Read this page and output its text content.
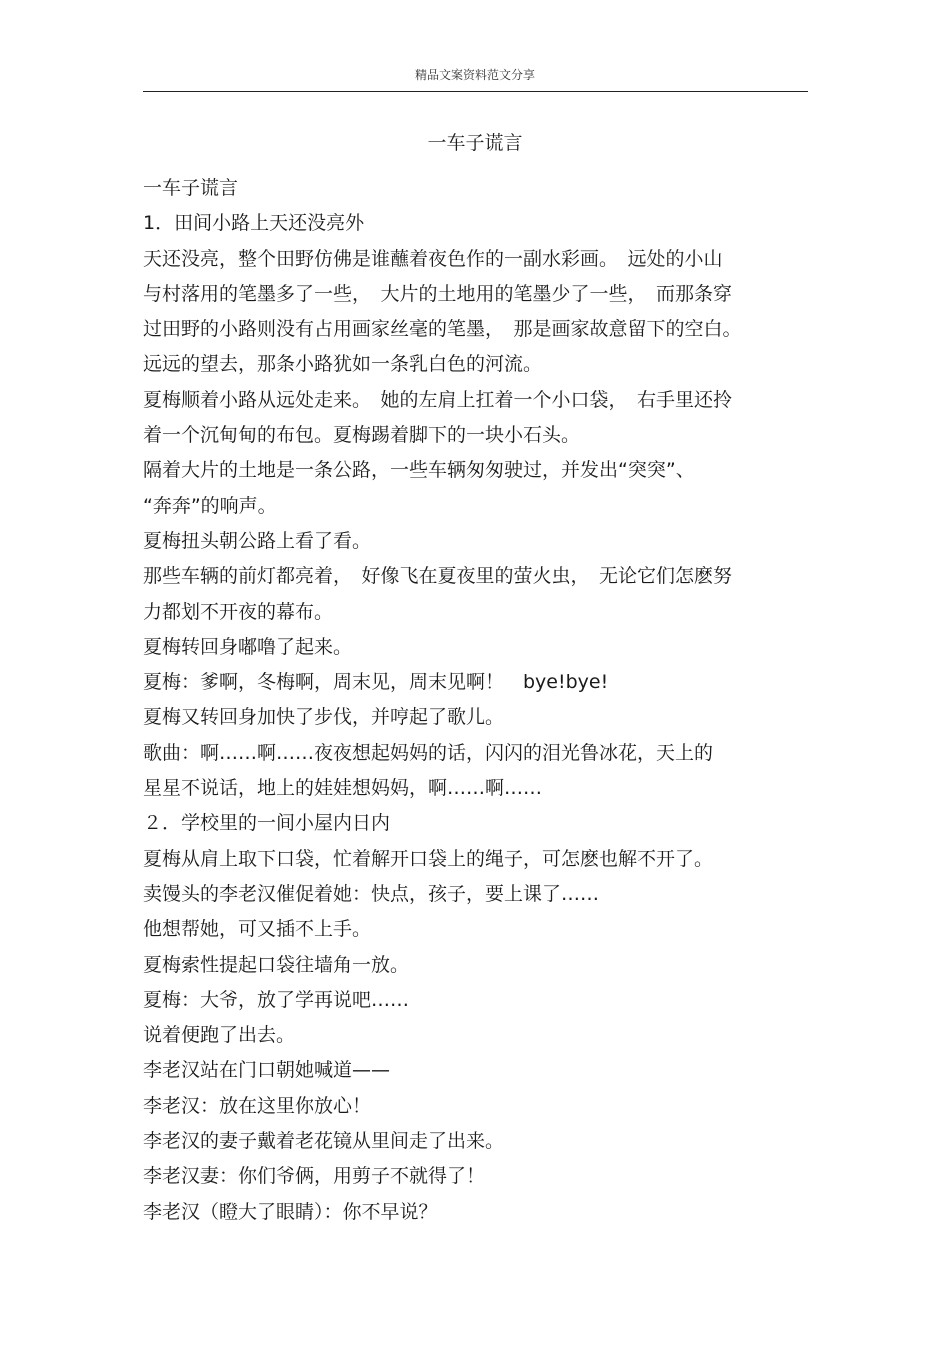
精品文案资料范文分享
一车子谎言
一车子谎言
1．田间小路上天还没亮外
天还没亮，整个田野仿佛是谁蘸着夜色作的一副水彩画。　远处的小山
与村落用的笔墨多了一些，　大片的土地用的笔墨少了一些，　而那条穿
过田野的小路则没有占用画家丝毫的笔墨，　那是画家故意留下的空白。
远远的望去，那条小路犹如一条乳白色的河流。
夏梅顺着小路从远处走来。　她的左肩上扛着一个小口袋，　右手里还拎
着一个沉甸甸的布包。夏梅踢着脚下的一块小石头。
隔着大片的土地是一条公路，一些车辆匆匆驶过，并发出“突突”、
“奔奔”的响声。
夏梅扭头朝公路上看了看。
那些车辆的前灯都亮着，　好像飞在夏夜里的萤火虫，　无论它们怎麽努
力都划不开夜的幕布。
夏梅转回身嘟噜了起来。
夏梅：爹啊，冬梅啊，周末见，周末见啊！　bye!bye!
夏梅又转回身加快了步伐，并哼起了歌儿。
歌曲：啊……啊……夜夜想起妈妈的话，闪闪的泪光鲁冰花，天上的
星星不说话，地上的娃娃想妈妈，啊……啊……
２．学校里的一间小屋内日内
夏梅从肩上取下口袋，忙着解开口袋上的绳子，可怎麽也解不开了。
卖馒头的李老汉催促着她：快点，孩子，要上课了……
他想帮她，可又插不上手。
夏梅索性提起口袋往墙角一放。
夏梅：大爷，放了学再说吧……
说着便跑了出去。
李老汉站在门口朝她喊道——
李老汉：放在这里你放心！
李老汉的妻子戴着老花镜从里间走了出来。
李老汉妻：你们爷俩，用剪子不就得了！
李老汉（瞪大了眼睛）：你不早说？
